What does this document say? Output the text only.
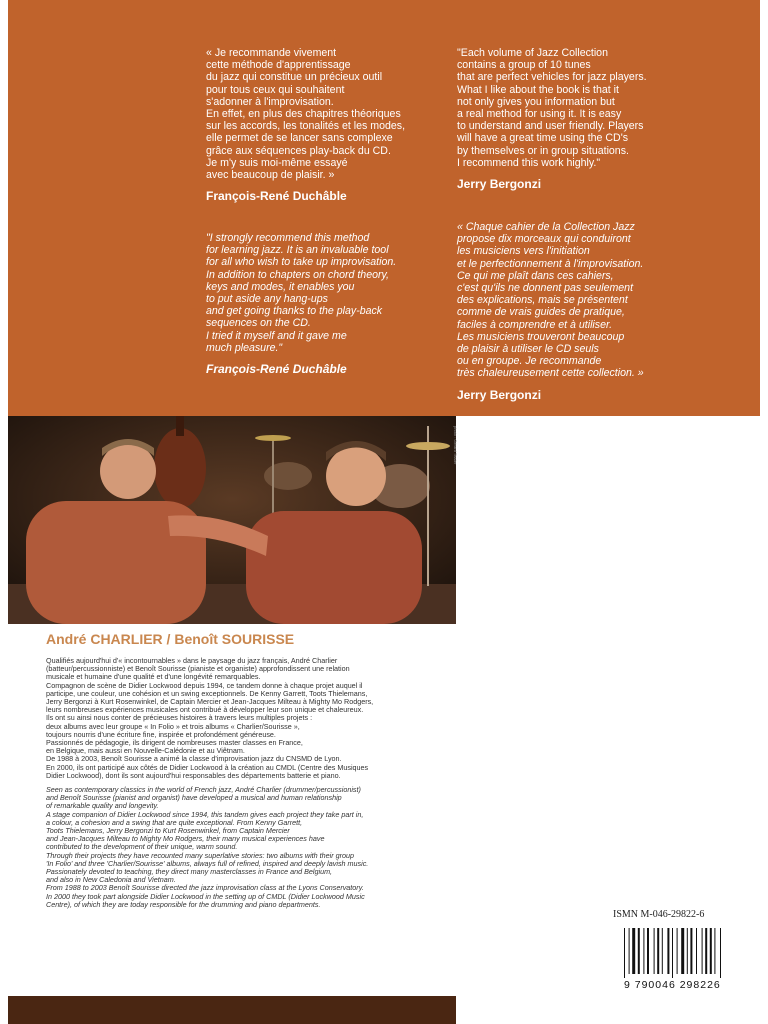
« Je recommande vivement
cette méthode d'apprentissage
du jazz qui constitue un précieux outil
pour tous ceux qui souhaitent
s'adonner à l'improvisation.
En effet, en plus des chapitres théoriques
sur les accords, les tonalités et les modes,
elle permet de se lancer sans complexe
grâce aux séquences play-back du CD.
Je m'y suis moi-même essayé
avec beaucoup de plaisir. »

François-René Duchâble

"Each volume of Jazz Collection
contains a group of 10 tunes
that are perfect vehicles for jazz players.
What I like about the book is that it
not only gives you information but
a real method for using it. It is easy
to understand and user friendly. Players
will have a great time using the CD's
by themselves or in group situations.
I recommend this work highly."

Jerry Bergonzi

"I strongly recommend this method
for learning jazz. It is an invaluable tool
for all who wish to take up improvisation.
In addition to chapters on chord theory,
keys and modes, it enables you
to put aside any hang-ups
and get going thanks to the play-back
sequences on the CD.
I tried it myself and it gave me
much pleasure."

François-René Duchâble

« Chaque cahier de la Collection Jazz
propose dix morceaux qui conduiront
les musiciens vers l'initiation
et le perfectionnement à l'improvisation.
Ce qui me plaît dans ces cahiers,
c'est qu'ils ne donnent pas seulement
des explications, mais se présentent
comme de vrais guides de pratique,
faciles à comprendre et à utiliser.
Les musiciens trouveront beaucoup
de plaisir à utiliser le CD seuls
ou en groupe. Je recommande
très chaleureusement cette collection. »

Jerry Bergonzi
photo : Gérard Tissier
André CHARLIER / Benoît SOURISSE

Qualifiés aujourd'hui d'« incontournables » dans le paysage du jazz français, André Charlier
(batteur/percussionniste) et Benoît Sourisse (pianiste et organiste) approfondissent une relation
musicale et humaine d'une qualité et d'une longévité remarquables.
Compagnon de scène de Didier Lockwood depuis 1994, ce tandem donne à chaque projet auquel il
participe, une couleur, une cohésion et un swing exceptionnels. De Kenny Garrett, Toots Thielemans,
Jerry Bergonzi à Kurt Rosenwinkel, de Captain Mercier et Jean-Jacques Milteau à Mighty Mo Rodgers,
leurs nombreuses expériences musicales ont contribué à développer leur son unique et chaleureux.
Ils ont su ainsi nous conter de précieuses histoires à travers leurs multiples projets :
deux albums avec leur groupe « In Folio » et trois albums « Charlier/Sourisse »,
toujours nourris d'une écriture fine, inspirée et profondément généreuse.
Passionnés de pédagogie, ils dirigent de nombreuses master classes en France,
en Belgique, mais aussi en Nouvelle-Calédonie et au Viêtnam.
De 1988 à 2003, Benoît Sourisse a animé la classe d'improvisation jazz du CNSMD de Lyon.
En 2000, ils ont participé aux côtés de Didier Lockwood à la création au CMDL (Centre des Musiques
Didier Lockwood), dont ils sont aujourd'hui responsables des départements batterie et piano.

Seen as contemporary classics in the world of French jazz, André Charlier (drummer/percussionist)
and Benoît Sourisse (pianist and organist) have developed a musical and human relationship
of remarkable quality and longevity.
A stage companion of Didier Lockwood since 1994, this tandem gives each project they take part in,
a colour, a cohesion and a swing that are quite exceptional. From Kenny Garrett,
Toots Thielemans, Jerry Bergonzi to Kurt Rosenwinkel, from Captain Mercier
and Jean-Jacques Milteau to Mighty Mo Rodgers, their many musical experiences have
contributed to the development of their unique, warm sound.
Through their projects they have recounted many superlative stories: two albums with their group
'In Folio' and three 'Charlier/Sourisse' albums, always full of refined, inspired and deeply lavish music.
Passionately devoted to teaching, they direct many masterclasses in France and Belgium,
and also in New Caledonia and Vietnam.
From 1988 to 2003 Benoît Sourisse directed the jazz improvisation class at the Lyons Conservatory.
In 2000 they took part alongside Didier Lockwood in the setting up of CMDL (Didier Lockwood Music
Centre), of which they are today responsible for the drumming and piano departments.

ISMN M-046-29822-6
9 790046 298226
